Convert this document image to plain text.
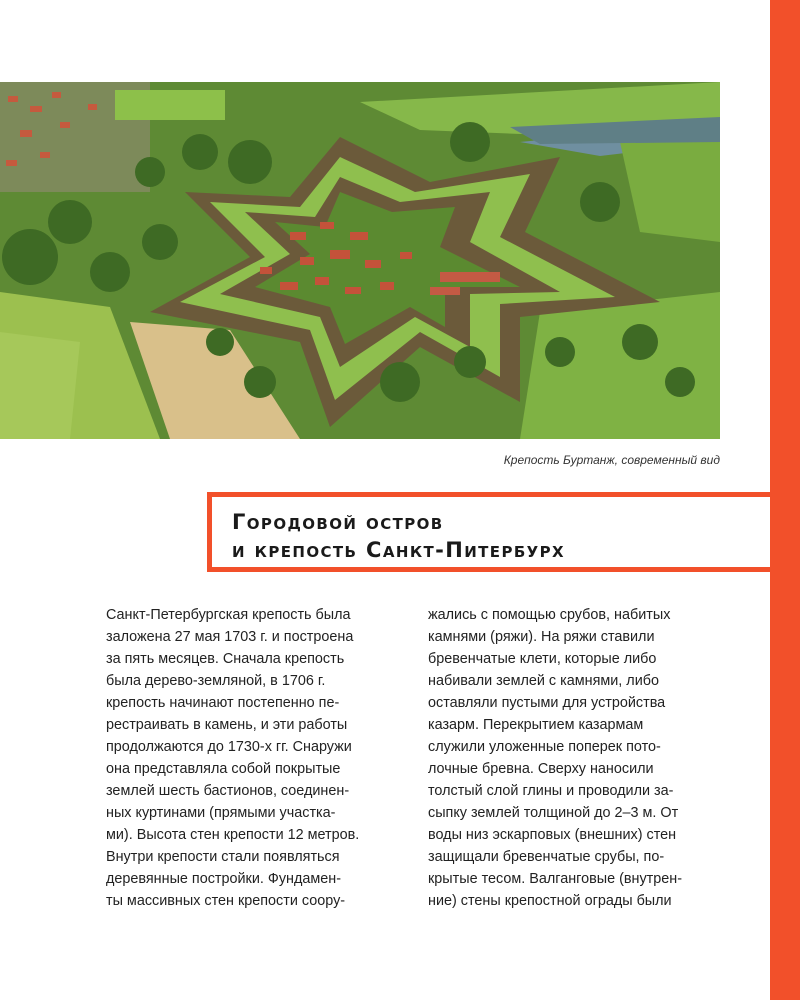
Крепость Буртанж, современный вид
Городовой остров
и крепость Санкт-Питербурх
Санкт-Петербургская крепость была
заложена 27 мая 1703 г. и построена
за пять месяцев. Сначала крепость
была дерево-земляной, в 1706 г.
крепость начинают постепенно пе-
рестраивать в камень, и эти работы
продолжаются до 1730-х гг. Снаружи
она представляла собой покрытые
землей шесть бастионов, соединен-
ных куртинами (прямыми участка-
ми). Высота стен крепости 12 метров.
Внутри крепости стали появляться
деревянные постройки. Фундамен-
ты массивных стен крепости соору-
жались с помощью срубов, набитых
камнями (ряжи). На ряжи ставили
бревенчатые клети, которые либо
набивали землей с камнями, либо
оставляли пустыми для устройства
казарм. Перекрытием казармам
служили уложенные поперек пото-
лочные бревна. Сверху наносили
толстый слой глины и проводили за-
сыпку землей толщиной до 2–3 м. От
воды низ эскарповых (внешних) стен
защищали бревенчатые срубы, по-
крытые тесом. Валганговые (внутрен-
ние) стены крепостной ограды были
